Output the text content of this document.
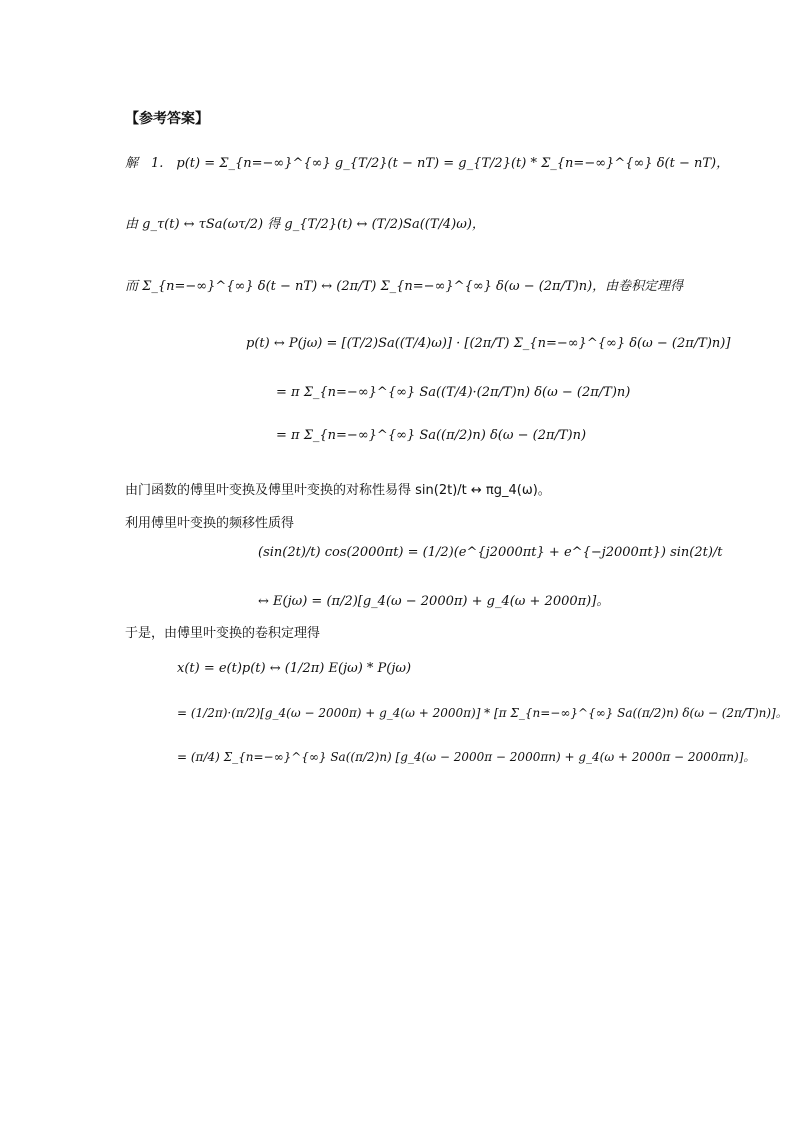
【参考答案】
解　1.　p(t) = Σ_{n=−∞}^{∞} g_{T/2}(t − nT) = g_{T/2}(t) * Σ_{n=−∞}^{∞} δ(t − nT)，
由 g_τ(t) ↔ τSa(ωτ/2) 得 g_{T/2}(t) ↔ (T/2)Sa((T/4)ω)，
而 Σ_{n=−∞}^{∞} δ(t − nT) ↔ (2π/T) Σ_{n=−∞}^{∞} δ(ω − (2π/T)n)，由卷积定理得
p(t) ↔ P(jω) = [(T/2)Sa((T/4)ω)] · [(2π/T) Σ_{n=−∞}^{∞} δ(ω − (2π/T)n)]
= π Σ_{n=−∞}^{∞} Sa((T/4)·(2π/T)n) δ(ω − (2π/T)n)
= π Σ_{n=−∞}^{∞} Sa((π/2)n) δ(ω − (2π/T)n)
由门函数的傅里叶变换及傅里叶变换的对称性易得 sin(2t)/t ↔ πg_4(ω)。
利用傅里叶变换的频移性质得
(sin(2t)/t) cos(2000πt) = (1/2)(e^{j2000πt} + e^{−j2000πt}) sin(2t)/t
↔ E(jω) = (π/2)[g_4(ω − 2000π) + g_4(ω + 2000π)]。
于是，由傅里叶变换的卷积定理得
x(t) = e(t)p(t) ↔ (1/2π) E(jω) * P(jω)
= (1/2π)·(π/2)[g_4(ω − 2000π) + g_4(ω + 2000π)] * [π Σ_{n=−∞}^{∞} Sa((π/2)n) δ(ω − (2π/T)n)]。
= (π/4) Σ_{n=−∞}^{∞} Sa((π/2)n) [g_4(ω − 2000π − 2000πn) + g_4(ω + 2000π − 2000πn)]。
